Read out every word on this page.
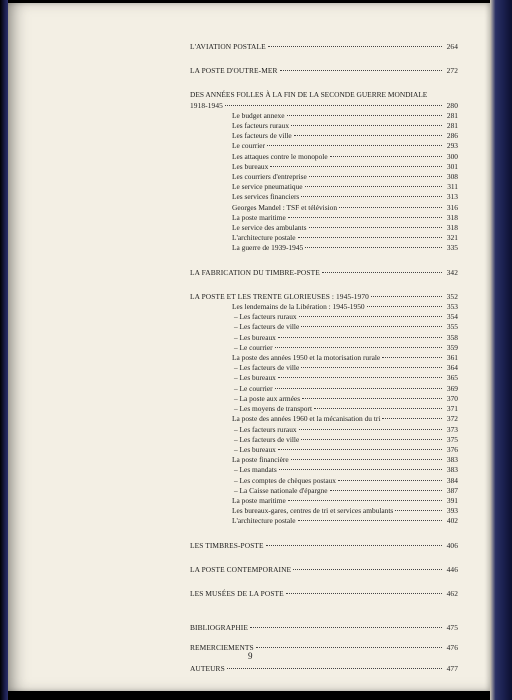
L'AVIATION POSTALE	264
LA POSTE D'OUTRE-MER	272
DES ANNÉES FOLLES À LA FIN DE LA SECONDE GUERRE MONDIALE
1918-1945	280
Le budget annexe	281
Les facteurs ruraux	281
Les facteurs de ville	286
Le courrier	293
Les attaques contre le monopole	300
Les bureaux	301
Les courriers d'entreprise	308
Le service pneumatique	311
Les services financiers	313
Georges Mandel : TSF et télévision	316
La poste maritime	318
Le service des ambulants	318
L'architecture postale	321
La guerre de 1939-1945	335
LA FABRICATION DU TIMBRE-POSTE	342
LA POSTE ET LES TRENTE GLORIEUSES : 1945-1970	352
Les lendemains de la Libération : 1945-1950	353
– Les facteurs ruraux	354
– Les facteurs de ville	355
– Les bureaux	358
– Le courrier	359
La poste des années 1950 et la motorisation rurale	361
– Les facteurs de ville	364
– Les bureaux	365
– Le courrier	369
– La poste aux armées	370
– Les moyens de transport	371
La poste des années 1960 et la mécanisation du tri	372
– Les facteurs ruraux	373
– Les facteurs de ville	375
– Les bureaux	376
La poste financière	383
– Les mandats	383
– Les comptes de chèques postaux	384
– La Caisse nationale d'épargne	387
La poste maritime	391
Les bureaux-gares, centres de tri et services ambulants	393
L'architecture postale	402
LES TIMBRES-POSTE	406
LA POSTE CONTEMPORAINE	446
LES MUSÉES DE LA POSTE	462
BIBLIOGRAPHIE	475
REMERCIEMENTS	476
AUTEURS	477
9
